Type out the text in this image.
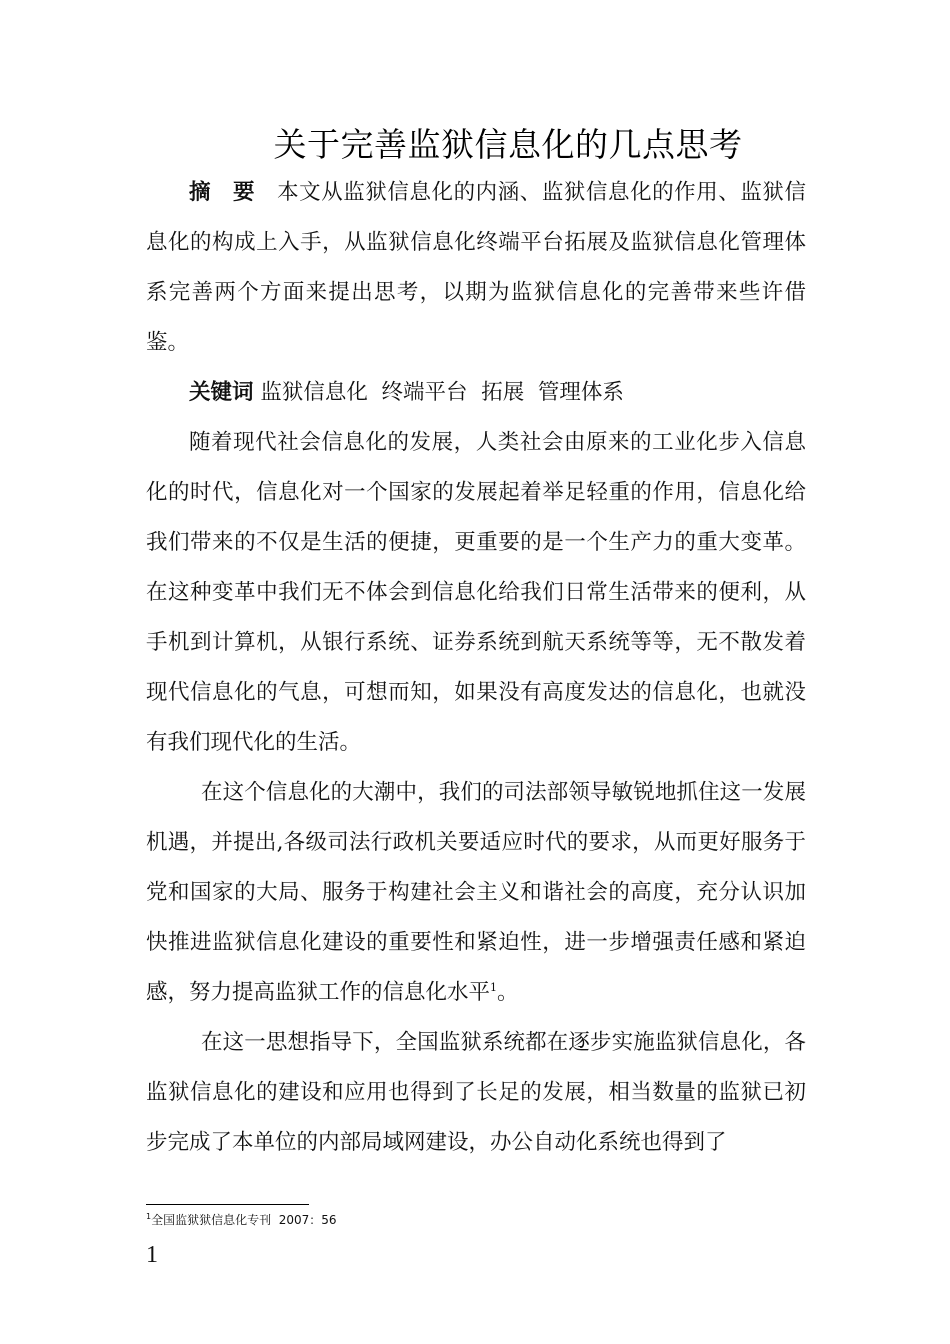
关于完善监狱信息化的几点思考

摘要本文从监狱信息化的内涵、监狱信息化的作用、监狱信息化的构成上入手，从监狱信息化终端平台拓展及监狱信息化管理体系完善两个方面来提出思考，以期为监狱信息化的完善带来些许借鉴。

关键词 监狱信息化  终端平台  拓展  管理体系

随着现代社会信息化的发展，人类社会由原来的工业化步入信息化的时代，信息化对一个国家的发展起着举足轻重的作用，信息化给我们带来的不仅是生活的便捷，更重要的是一个生产力的重大变革。在这种变革中我们无不体会到信息化给我们日常生活带来的便利，从手机到计算机，从银行系统、证券系统到航天系统等等，无不散发着现代信息化的气息，可想而知，如果没有高度发达的信息化，也就没有我们现代化的生活。

在这个信息化的大潮中，我们的司法部领导敏锐地抓住这一发展机遇，并提出,各级司法行政机关要适应时代的要求，从而更好服务于党和国家的大局、服务于构建社会主义和谐社会的高度，充分认识加快推进监狱信息化建设的重要性和紧迫性，进一步增强责任感和紧迫感，努力提高监狱工作的信息化水平$^1$。

在这一思想指导下，全国监狱系统都在逐步实施监狱信息化，各监狱信息化的建设和应用也得到了长足的发展，相当数量的监狱已初步完成了本单位的内部局域网建设，办公自动化系统也得到了

$^1$全国监狱狱信息化专刊  2007：56
1
